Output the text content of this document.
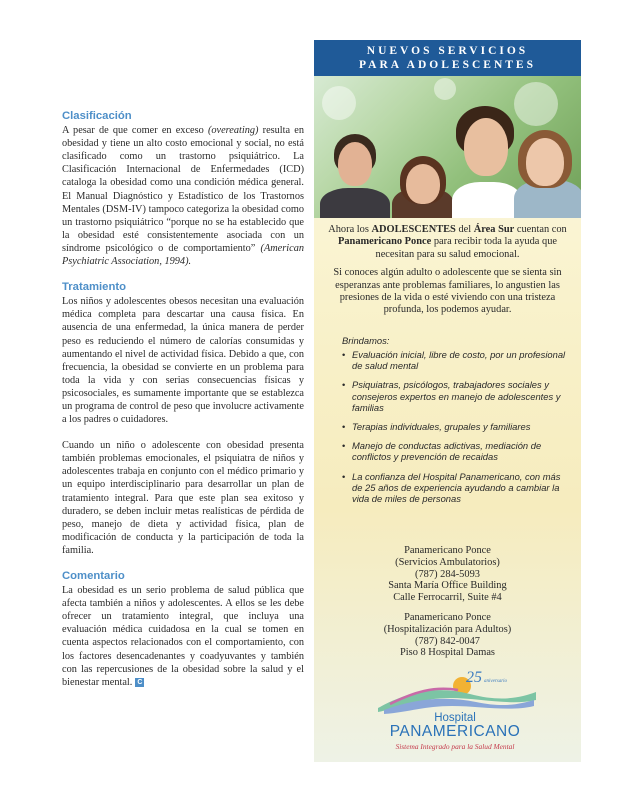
Clasificación

A pesar de que comer en exceso (overeating) resulta en obesidad y tiene un alto costo emocional y social, no está clasificado como un trastorno psiquiátrico. La Clasificación Internacional de Enfermedades (ICD) cataloga la obesidad como una condición médica general. El Manual Diagnóstico y Estadístico de los Trastornos Mentales (DSM-IV) tampoco categoriza la obesidad como un trastorno psiquiátrico “porque no se ha establecido que la obesidad esté consistentemente asociada con un síndrome psicológico o de comportamiento” (American Psychiatric Association, 1994).

Tratamiento

Los niños y adolescentes obesos necesitan una evaluación médica completa para descartar una causa física. En ausencia de una enfermedad, la única manera de perder peso es reduciendo el número de calorías consumidas y aumentando el nivel de actividad física. Debido a que, con frecuencia, la obesidad se convierte en un problema para toda la vida y con serias consecuencias físicas y psicosociales, es sumamente importante que se establezca un programa de control de peso que involucre activamente a los padres o cuidadores.

Cuando un niño o adolescente con obesidad presenta también problemas emocionales, el psiquiatra de niños y adolescentes trabaja en conjunto con el médico primario y un equipo interdisciplinario para desarrollar un plan de tratamiento integral. Para que este plan sea exitoso y duradero, se deben incluir metas realísticas de pérdida de peso, manejo de dieta y actividad física, plan de modificación de conducta y la participación de toda la familia.

Comentario

La obesidad es un serio problema de salud pública que afecta también a niños y adolescentes. A ellos se les debe ofrecer un tratamiento integral, que incluya una evaluación médica cuidadosa en la cual se tomen en cuenta aspectos relacionados con el comportamiento, con los factores desencadenantes y coadyuvantes y también con las repercusiones de la obesidad sobre la salud y el bienestar mental. C

NUEVOS SERVICIOS
PARA ADOLESCENTES

Ahora los ADOLESCENTES del Área Sur cuentan con Panamericano Ponce para recibir toda la ayuda que necesitan para su salud emocional.

Si conoces algún adulto o adolescente que se sienta sin esperanzas ante problemas familiares, lo angustien las presiones de la vida o esté viviendo con una tristeza profunda, los podemos ayudar.

Brindamos:
• Evaluación inicial, libre de costo, por un profesional de salud mental
• Psiquiatras, psicólogos, trabajadores sociales y consejeros expertos en manejo de adolescentes y familias
• Terapias individuales, grupales y familiares
• Manejo de conductas adictivas, mediación de conflictos y prevención de recaidas
• La confianza del Hospital Panamericano, con más de 25 años de experiencia ayudando a cambiar la vida de miles de personas
Panamericano Ponce
(Servicios Ambulatorios)
(787) 284-5093
Santa María Office Building
Calle Ferrocarril, Suite #4
Panamericano Ponce
(Hospitalización para Adultos)
(787) 842-0047
Piso 8 Hospital Damas
25 aniversario
Hospital
PANAMERICANO
Sistema Integrado para la Salud Mental
